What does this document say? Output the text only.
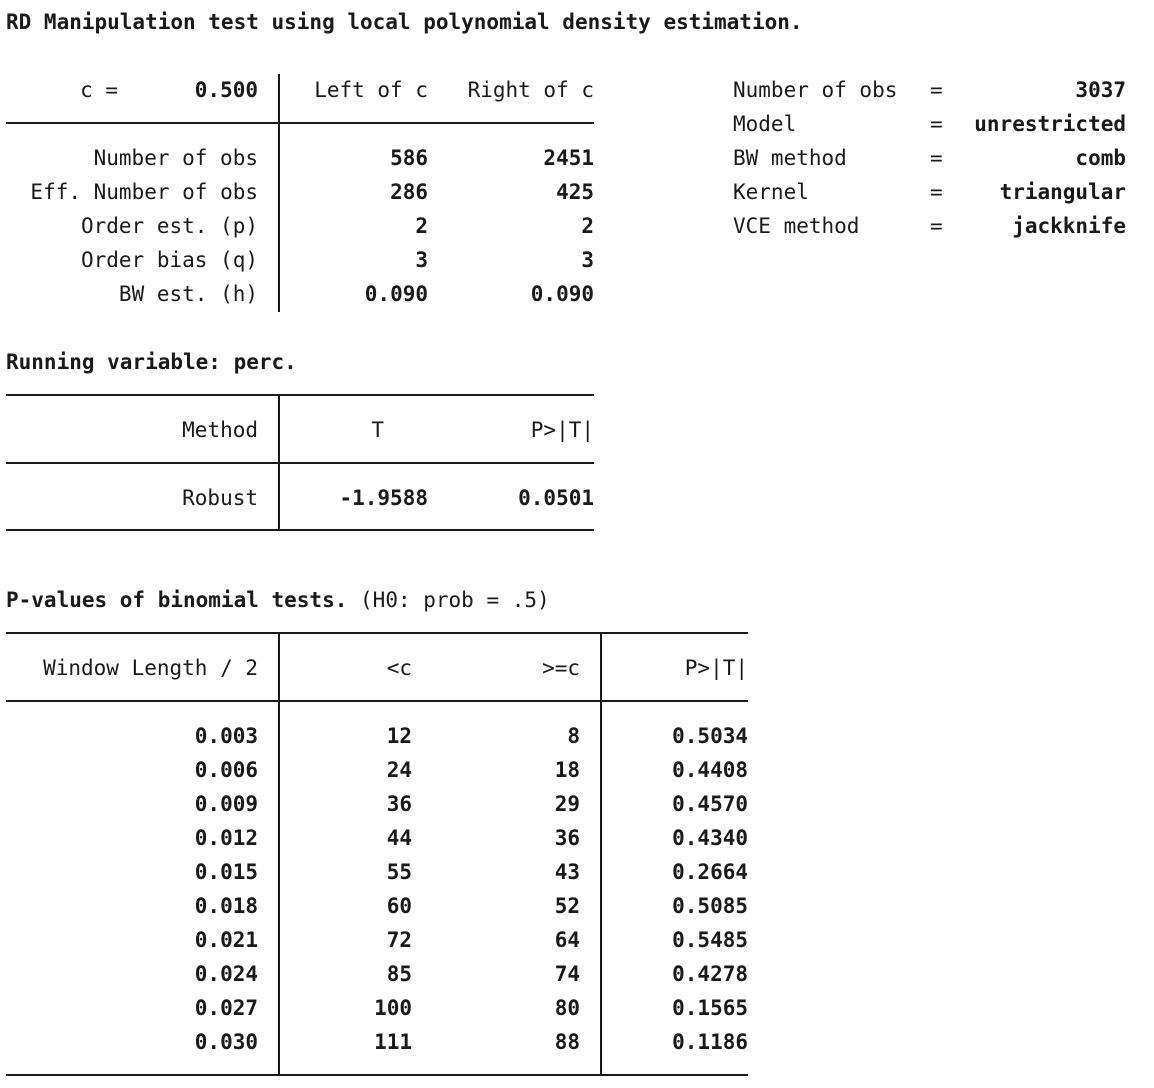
RD Manipulation test using local polynomial density estimation.
c =	0.500	Left of c	Right of c
Number of obs	586	2451
Eff. Number of obs	286	425
Order est. (p)	2	2
Order bias (q)	3	3
BW est. (h)	0.090	0.090
Number of obs =	3037
Model	=	unrestricted
BW method	=	comb
Kernel	=	triangular
VCE method	=	jackknife
Running variable: perc.
Method	T	P>|T|
Robust	-1.9588	0.0501
P-values of binomial tests. (H0: prob = .5)
Window Length / 2	<c	>=c	P>|T|
0.003	12	8	0.5034
0.006	24	18	0.4408
0.009	36	29	0.4570
0.012	44	36	0.4340
0.015	55	43	0.2664
0.018	60	52	0.5085
0.021	72	64	0.5485
0.024	85	74	0.4278
0.027	100	80	0.1565
0.030	111	88	0.1186
